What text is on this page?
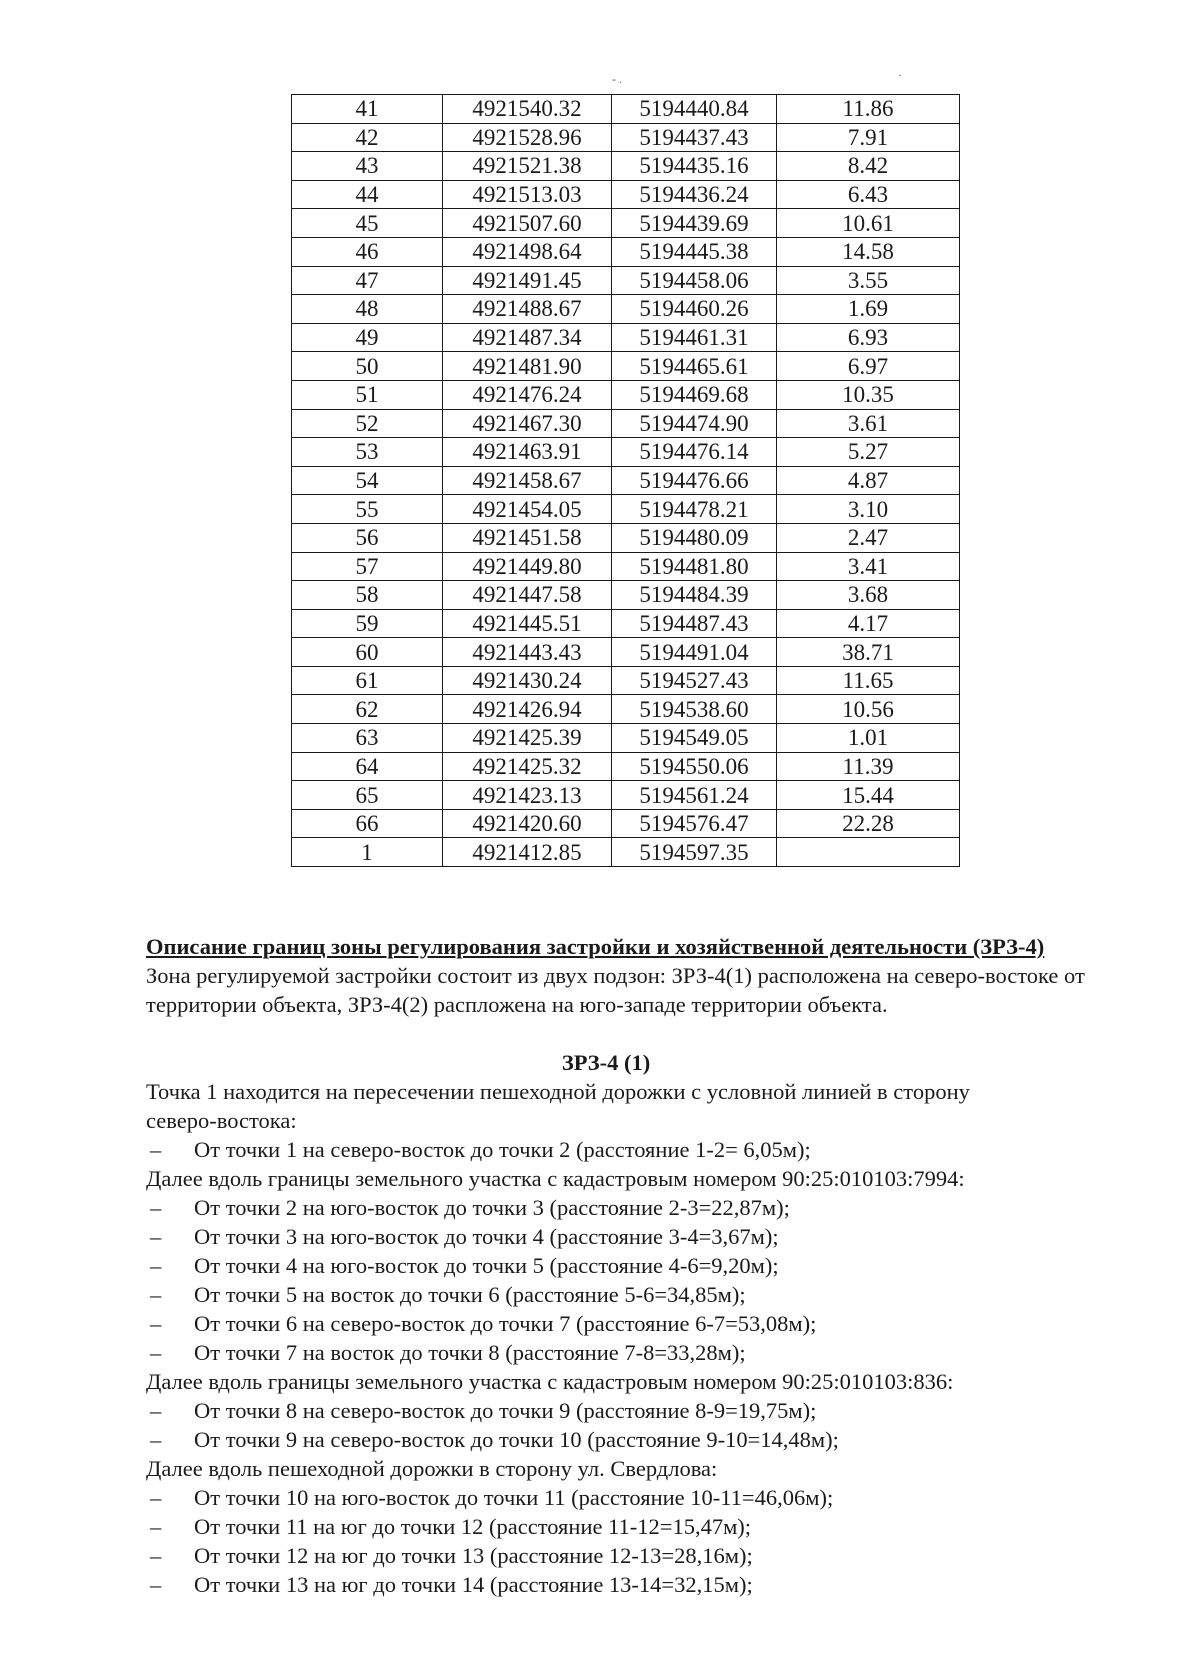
- .	·
41	4921540.32	5194440.84	11.86
42	4921528.96	5194437.43	7.91
43	4921521.38	5194435.16	8.42
44	4921513.03	5194436.24	6.43
45	4921507.60	5194439.69	10.61
46	4921498.64	5194445.38	14.58
47	4921491.45	5194458.06	3.55
48	4921488.67	5194460.26	1.69
49	4921487.34	5194461.31	6.93
50	4921481.90	5194465.61	6.97
51	4921476.24	5194469.68	10.35
52	4921467.30	5194474.90	3.61
53	4921463.91	5194476.14	5.27
54	4921458.67	5194476.66	4.87
55	4921454.05	5194478.21	3.10
56	4921451.58	5194480.09	2.47
57	4921449.80	5194481.80	3.41
58	4921447.58	5194484.39	3.68
59	4921445.51	5194487.43	4.17
60	4921443.43	5194491.04	38.71
61	4921430.24	5194527.43	11.65
62	4921426.94	5194538.60	10.56
63	4921425.39	5194549.05	1.01
64	4921425.32	5194550.06	11.39
65	4921423.13	5194561.24	15.44
66	4921420.60	5194576.47	22.28
1	4921412.85	5194597.35	

Описание границ зоны регулирования застройки и хозяйственной деятельности (ЗРЗ-4)

Зона регулируемой застройки состоит из двух подзон: ЗРЗ-4(1) расположена на северо-востоке от территории объекта, ЗРЗ-4(2) распложена на юго-западе территории объекта.

ЗРЗ-4 (1)

Точка 1 находится на пересечении пешеходной дорожки с условной линией в сторону

северо-востока:

– От точки 1 на северо-восток до точки 2 (расстояние 1-2= 6,05м);

Далее вдоль границы земельного участка с кадастровым номером 90:25:010103:7994:

– От точки 2 на юго-восток до точки 3 (расстояние 2-3=22,87м);

– От точки 3 на юго-восток до точки 4 (расстояние 3-4=3,67м);

– От точки 4 на юго-восток до точки 5 (расстояние 4-6=9,20м);

– От точки 5 на восток до точки 6 (расстояние 5-6=34,85м);

– От точки 6 на северо-восток до точки 7 (расстояние 6-7=53,08м);

– От точки 7 на восток до точки 8 (расстояние 7-8=33,28м);

Далее вдоль границы земельного участка с кадастровым номером 90:25:010103:836:

– От точки 8 на северо-восток до точки 9 (расстояние 8-9=19,75м);

– От точки 9 на северо-восток до точки 10 (расстояние 9-10=14,48м);

Далее вдоль пешеходной дорожки в сторону ул. Свердлова:

– От точки 10 на юго-восток до точки 11 (расстояние 10-11=46,06м);

– От точки 11 на юг до точки 12 (расстояние 11-12=15,47м);

– От точки 12 на юг до точки 13 (расстояние 12-13=28,16м);

– От точки 13 на юг до точки 14 (расстояние 13-14=32,15м);
